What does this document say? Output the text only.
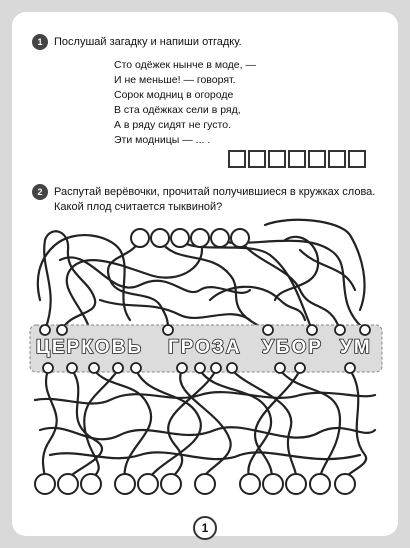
1	Послушай загадку и напиши отгадку.
Сто одёжек нынче в моде, —
И не меньше! — говорят.
Сорок модниц в огороде
В ста одёжках сели в ряд,
А в ряду сидят не густо.
Эти модницы — ... .
2	Распутай верёвочки, прочитай получившиеся в кружках слова.
Какой плод считается тыквиной?
ЦЕРКОВЬ ГРОЗА УБОР УМ
1
